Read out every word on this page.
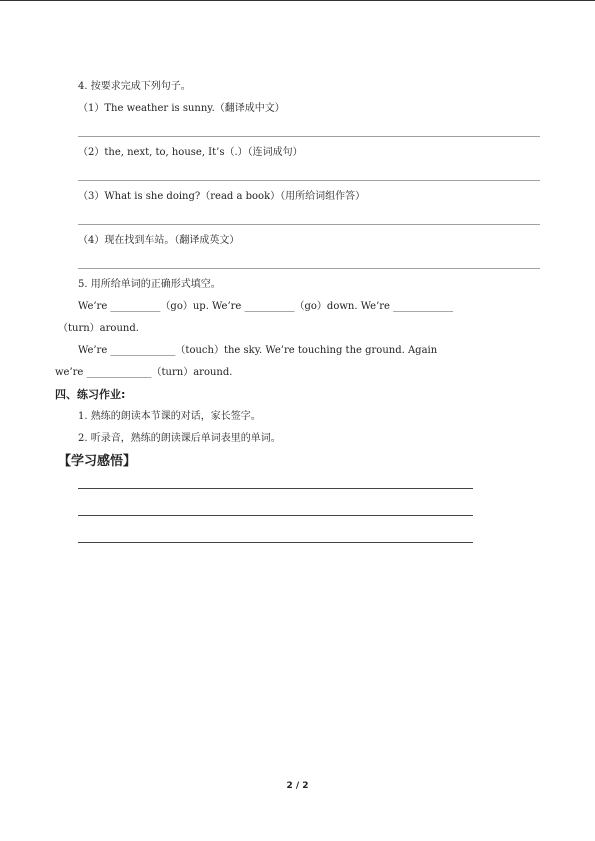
4. 按要求完成下列句子。

（1）The weather is sunny.（翻译成中文）

（2）the, next, to, house, It’s（.）（连词成句）

（3）What is she doing?（read a book）（用所给词组作答）

（4）现在找到车站。（翻译成英文）

5. 用所给单词的正确形式填空。

We’re __________（go）up. We’re __________（go）down. We’re ____________

（turn）around.

We’re _____________（touch）the sky. We’re touching the ground. Again

we’re _____________（turn）around.

四、练习作业:

1. 熟练的朗读本节课的对话，家长签字。

2. 听录音，熟练的朗读课后单词表里的单词。

【学习感悟】

2 / 2
